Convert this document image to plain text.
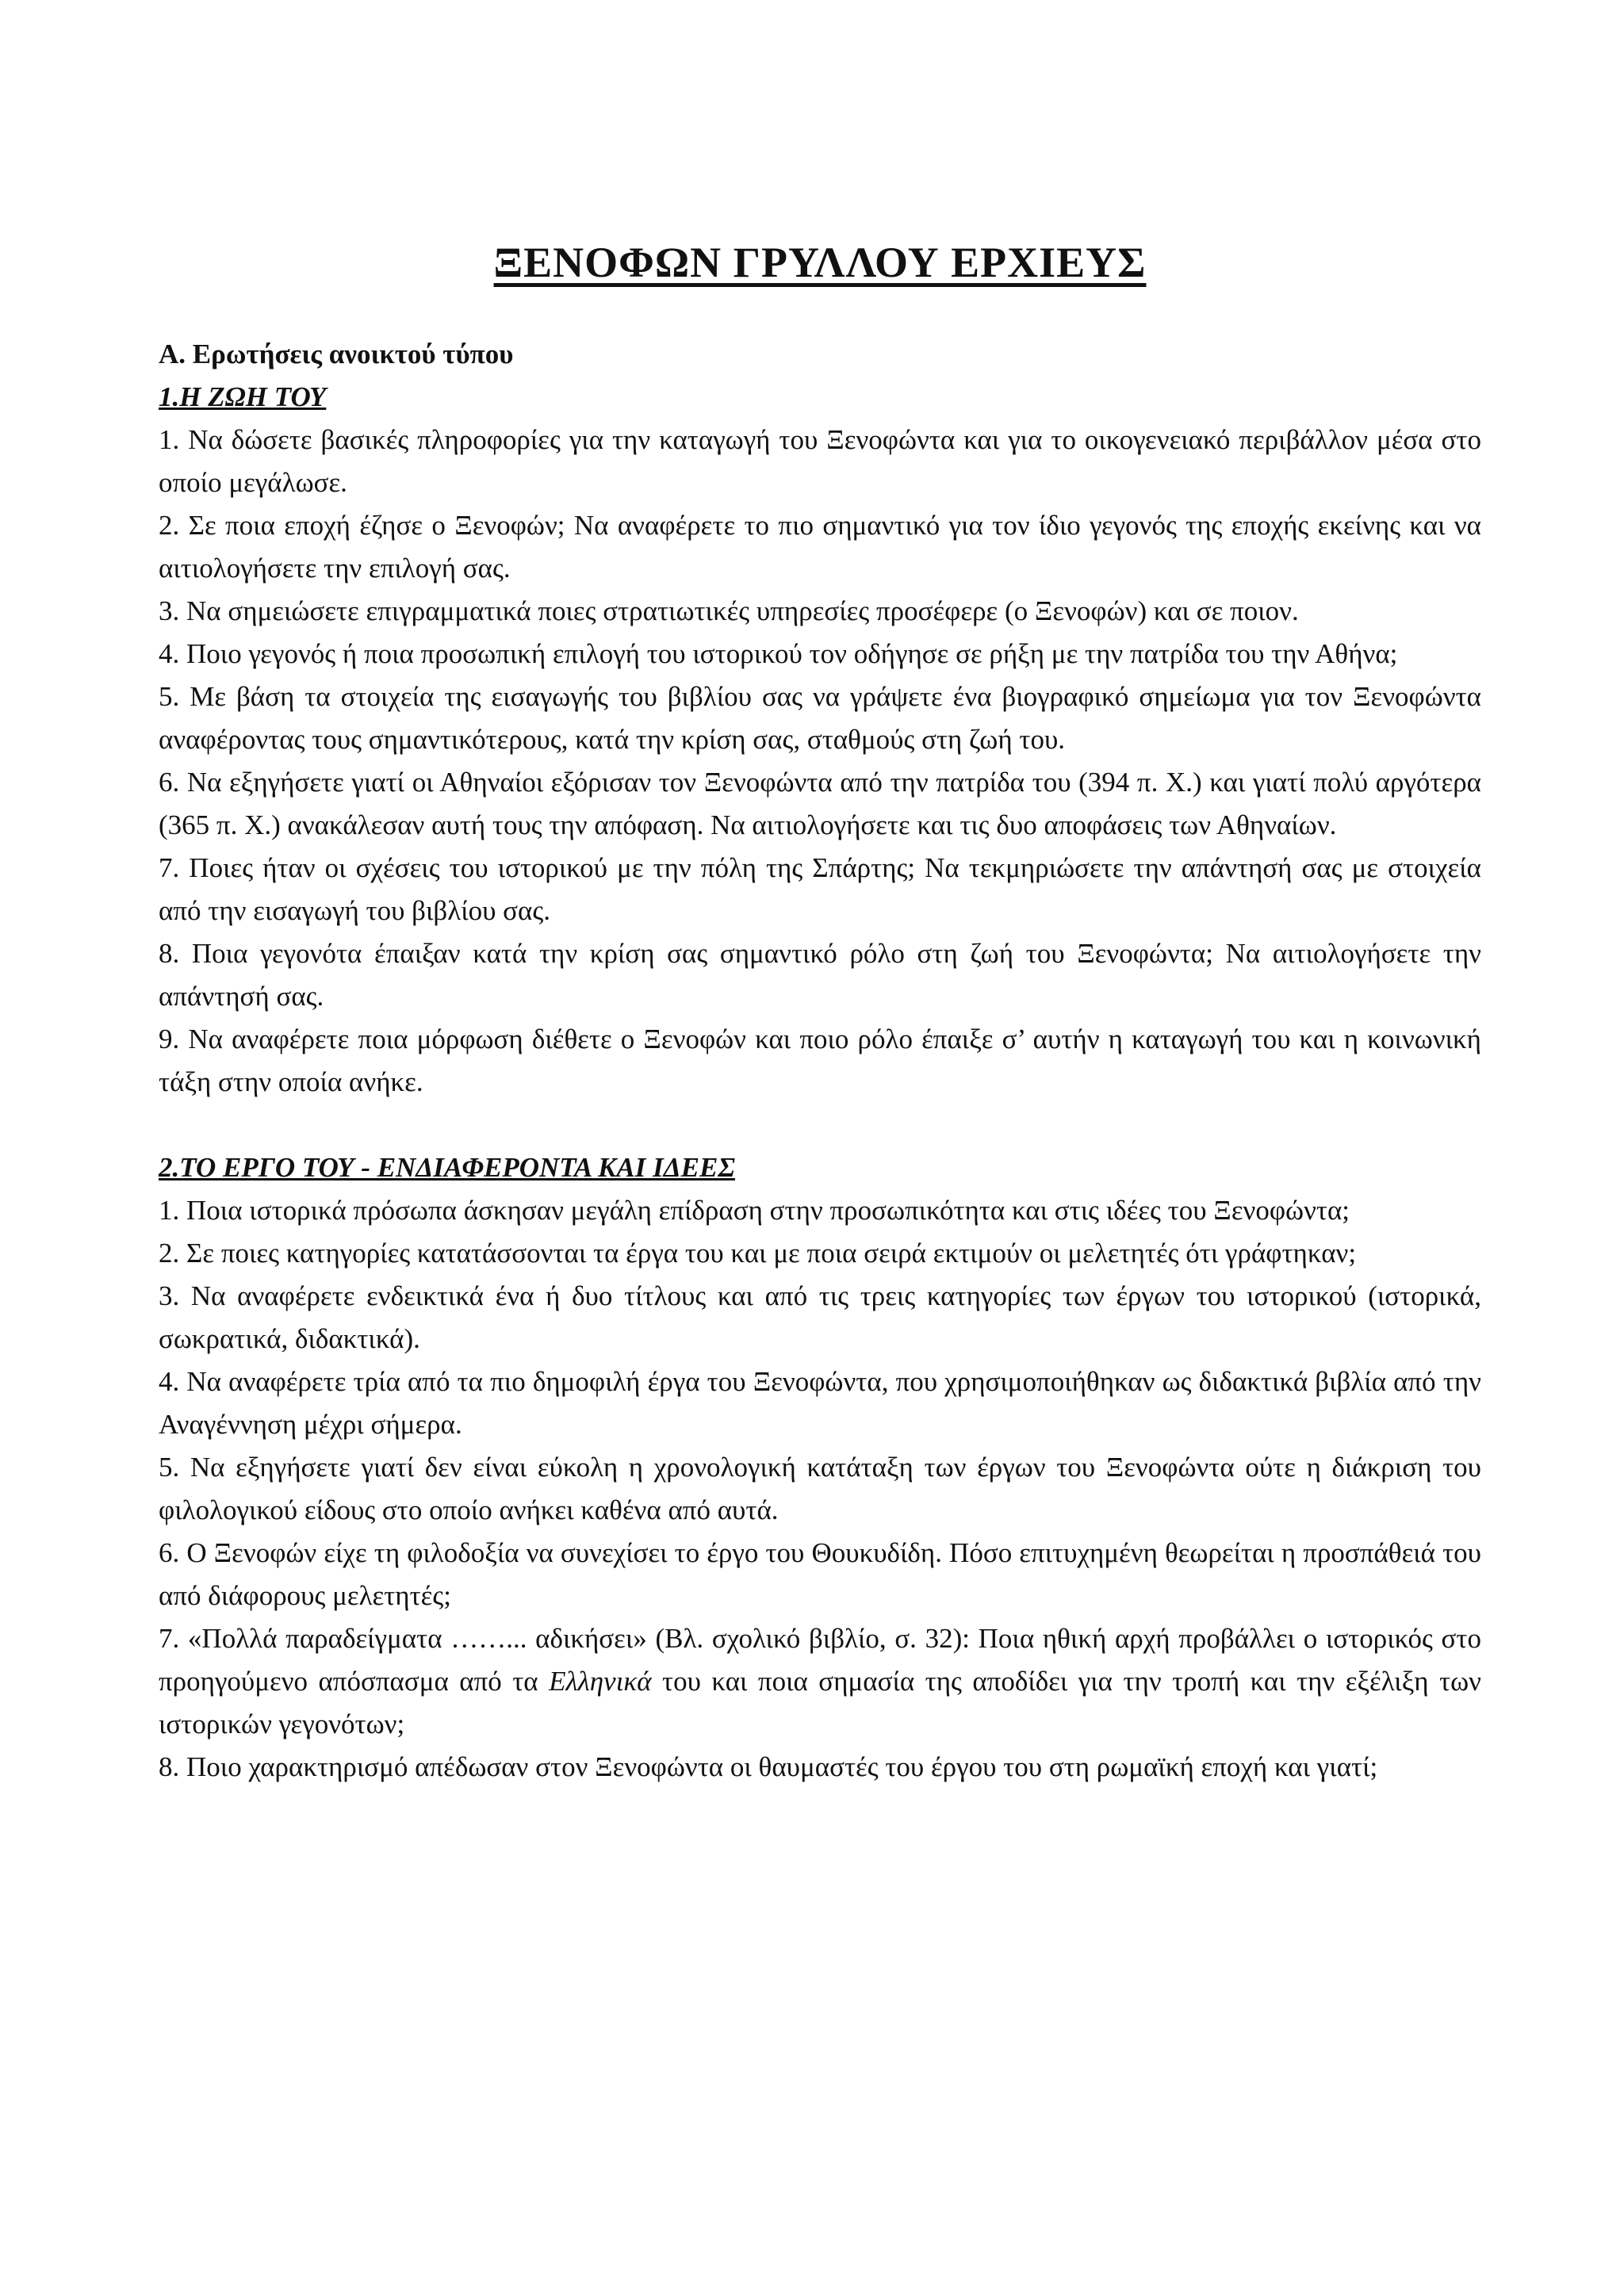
ΞΕΝΟΦΩΝ ΓΡΥΛΛΟΥ ΕΡΧΙΕΥΣ

Α. Ερωτήσεις ανοικτού τύπου

1.Η ΖΩΗ ΤΟΥ

1. Να δώσετε βασικές πληροφορίες για την καταγωγή του Ξενοφώντα και για το οικογενειακό περιβάλλον μέσα στο οποίο μεγάλωσε.

2. Σε ποια εποχή έζησε ο Ξενοφών; Να αναφέρετε το πιο σημαντικό για τον ίδιο γεγονός της εποχής εκείνης και να αιτιολογήσετε την επιλογή σας.

3. Να σημειώσετε επιγραμματικά ποιες στρατιωτικές υπηρεσίες προσέφερε (ο Ξενοφών) και σε ποιον.

4. Ποιο γεγονός ή ποια προσωπική επιλογή του ιστορικού τον οδήγησε σε ρήξη με την πατρίδα του την Αθήνα;

5. Με βάση τα στοιχεία της εισαγωγής του βιβλίου σας να γράψετε ένα βιογραφικό σημείωμα για τον Ξενοφώντα αναφέροντας τους σημαντικότερους, κατά την κρίση σας, σταθμούς στη ζωή του.

6. Να εξηγήσετε γιατί οι Αθηναίοι εξόρισαν τον Ξενοφώντα από την πατρίδα του (394 π. Χ.) και γιατί πολύ αργότερα (365 π. Χ.) ανακάλεσαν αυτή τους την απόφαση. Να αιτιολογήσετε και τις δυο αποφάσεις των Αθηναίων.

7. Ποιες ήταν οι σχέσεις του ιστορικού με την πόλη της Σπάρτης; Να τεκμηριώσετε την απάντησή σας με στοιχεία από την εισαγωγή του βιβλίου σας.

8. Ποια γεγονότα έπαιξαν κατά την κρίση σας σημαντικό ρόλο στη ζωή του Ξενοφώντα; Να αιτιολογήσετε την απάντησή σας.

9. Να αναφέρετε ποια μόρφωση διέθετε ο Ξενοφών και ποιο ρόλο έπαιξε σ’ αυτήν η καταγωγή του και η κοινωνική τάξη στην οποία ανήκε.

2.ΤΟ ΕΡΓΟ ΤΟΥ - ΕΝΔΙΑΦΕΡΟΝΤΑ ΚΑΙ ΙΔΕΕΣ

1. Ποια ιστορικά πρόσωπα άσκησαν μεγάλη επίδραση στην προσωπικότητα και στις ιδέες του Ξενοφώντα;

2. Σε ποιες κατηγορίες κατατάσσονται τα έργα του και με ποια σειρά εκτιμούν οι μελετητές ότι γράφτηκαν;

3. Να αναφέρετε ενδεικτικά ένα ή δυο τίτλους και από τις τρεις κατηγορίες των έργων του ιστορικού (ιστορικά, σωκρατικά, διδακτικά).

4. Να αναφέρετε τρία από τα πιο δημοφιλή έργα του Ξενοφώντα, που χρησιμοποιήθηκαν ως διδακτικά βιβλία από την Αναγέννηση μέχρι σήμερα.

5. Να εξηγήσετε γιατί δεν είναι εύκολη η χρονολογική κατάταξη των έργων του Ξενοφώντα ούτε η διάκριση του φιλολογικού είδους στο οποίο ανήκει καθένα από αυτά.

6. Ο Ξενοφών είχε τη φιλοδοξία να συνεχίσει το έργο του Θουκυδίδη. Πόσο επιτυχημένη θεωρείται η προσπάθειά του από διάφορους μελετητές;

7. «Πολλά παραδείγματα ……... αδικήσει» (Βλ. σχολικό βιβλίο, σ. 32): Ποια ηθική αρχή προβάλλει ο ιστορικός στο προηγούμενο απόσπασμα από τα Ελληνικά του και ποια σημασία της αποδίδει για την τροπή και την εξέλιξη των ιστορικών γεγονότων;

8. Ποιο χαρακτηρισμό απέδωσαν στον Ξενοφώντα οι θαυμαστές του έργου του στη ρωμαϊκή εποχή και γιατί;
